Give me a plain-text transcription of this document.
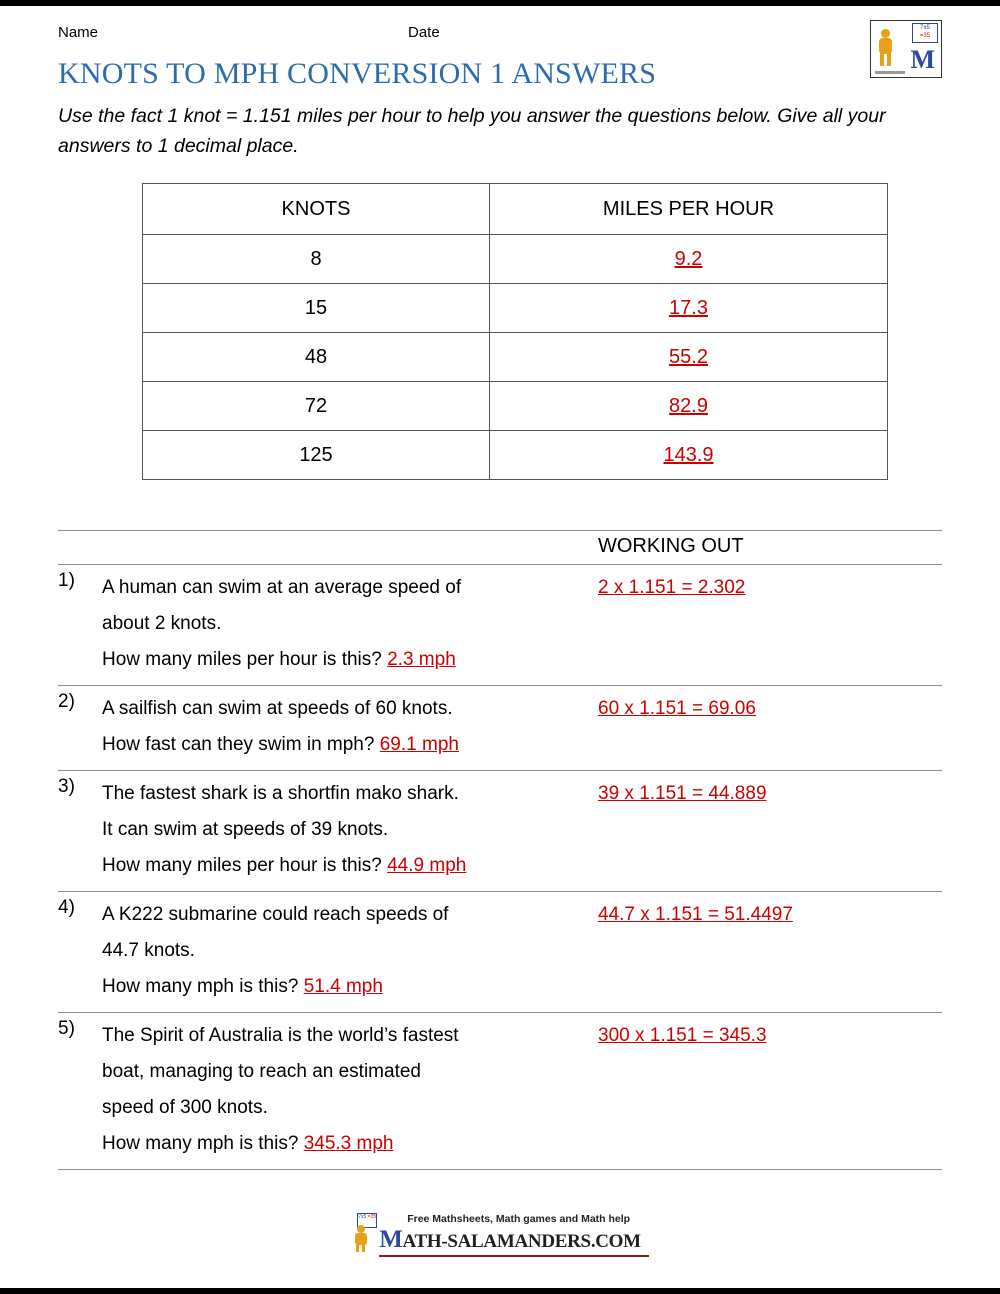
Name	Date	7x5
=35
M
KNOTS TO MPH CONVERSION 1 ANSWERS
Use the fact 1 knot = 1.151 miles per hour to help you answer the questions below. Give all your answers to 1 decimal place.
KNOTS	MILES PER HOUR
8	9.2
15	17.3
48	55.2
72	82.9
125	143.9
WORKING OUT
1)	A human can swim at an average speed of
about 2 knots.
How many miles per hour is this? 2.3 mph	2 x 1.151 = 2.302
2)	A sailfish can swim at speeds of 60 knots.
How fast can they swim in mph? 69.1 mph	60 x 1.151 = 69.06
3)	The fastest shark is a shortfin mako shark.
It can swim at speeds of 39 knots.
How many miles per hour is this? 44.9 mph	39 x 1.151 = 44.889
4)	A K222 submarine could reach speeds of
44.7 knots.
How many mph is this? 51.4 mph	44.7 x 1.151 = 51.4497
5)	The Spirit of Australia is the world’s fastest
boat, managing to reach an estimated
speed of 300 knots.
How many mph is this? 345.3 mph	300 x 1.151 = 345.3
7x5 =35	Free Mathsheets, Math games and Math help
MATH-SALAMANDERS.COM
